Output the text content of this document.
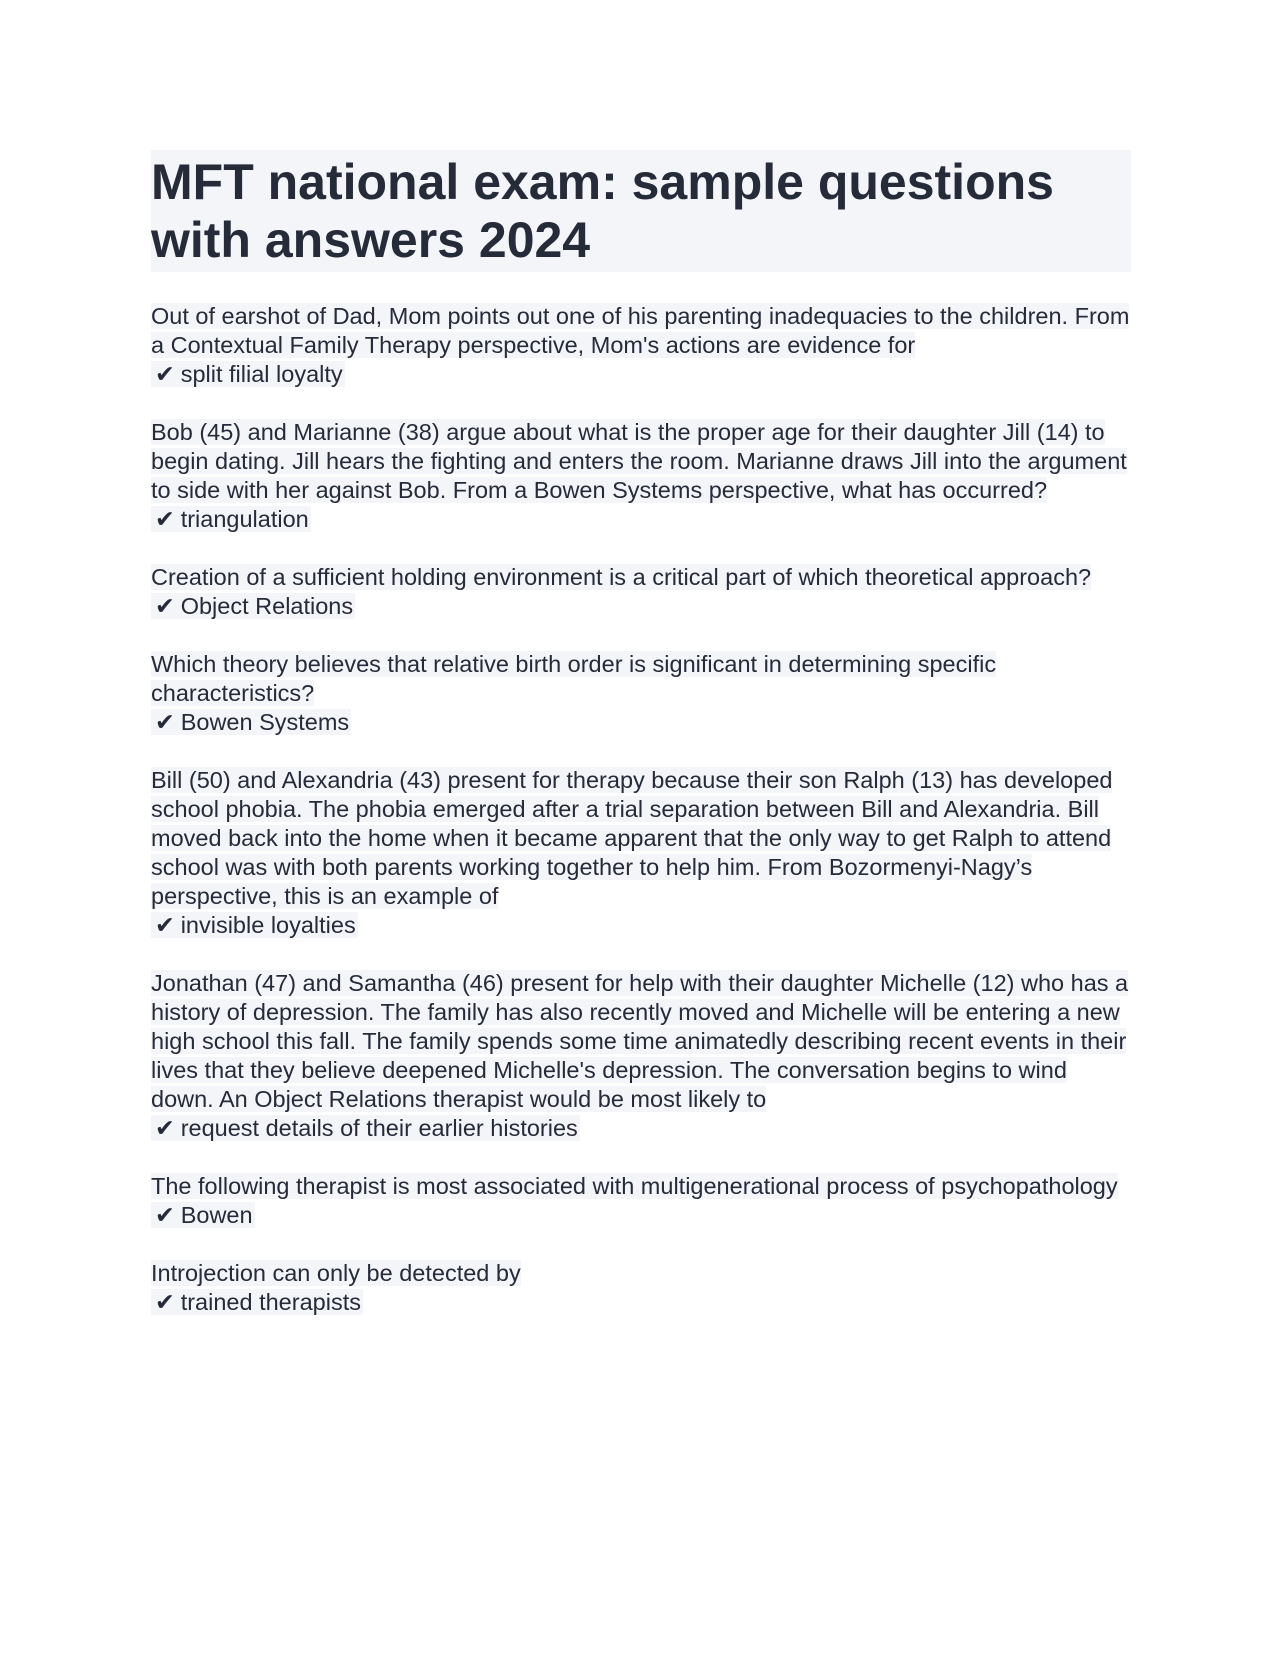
MFT national exam: sample questions with answers 2024
Out of earshot of Dad, Mom points out one of his parenting inadequacies to the children. From a Contextual Family Therapy perspective, Mom's actions are evidence for
✔ split filial loyalty
Bob (45) and Marianne (38) argue about what is the proper age for their daughter Jill (14) to begin dating. Jill hears the fighting and enters the room. Marianne draws Jill into the argument to side with her against Bob. From a Bowen Systems perspective, what has occurred?
✔ triangulation
Creation of a sufficient holding environment is a critical part of which theoretical approach?
✔ Object Relations
Which theory believes that relative birth order is significant in determining specific characteristics?
✔ Bowen Systems
Bill (50) and Alexandria (43) present for therapy because their son Ralph (13) has developed school phobia. The phobia emerged after a trial separation between Bill and Alexandria. Bill moved back into the home when it became apparent that the only way to get Ralph to attend school was with both parents working together to help him. From Bozormenyi-Nagy’s perspective, this is an example of
✔ invisible loyalties
Jonathan (47) and Samantha (46) present for help with their daughter Michelle (12) who has a history of depression. The family has also recently moved and Michelle will be entering a new high school this fall. The family spends some time animatedly describing recent events in their lives that they believe deepened Michelle's depression. The conversation begins to wind down. An Object Relations therapist would be most likely to
✔ request details of their earlier histories
The following therapist is most associated with multigenerational process of psychopathology
✔ Bowen
Introjection can only be detected by
✔ trained therapists
